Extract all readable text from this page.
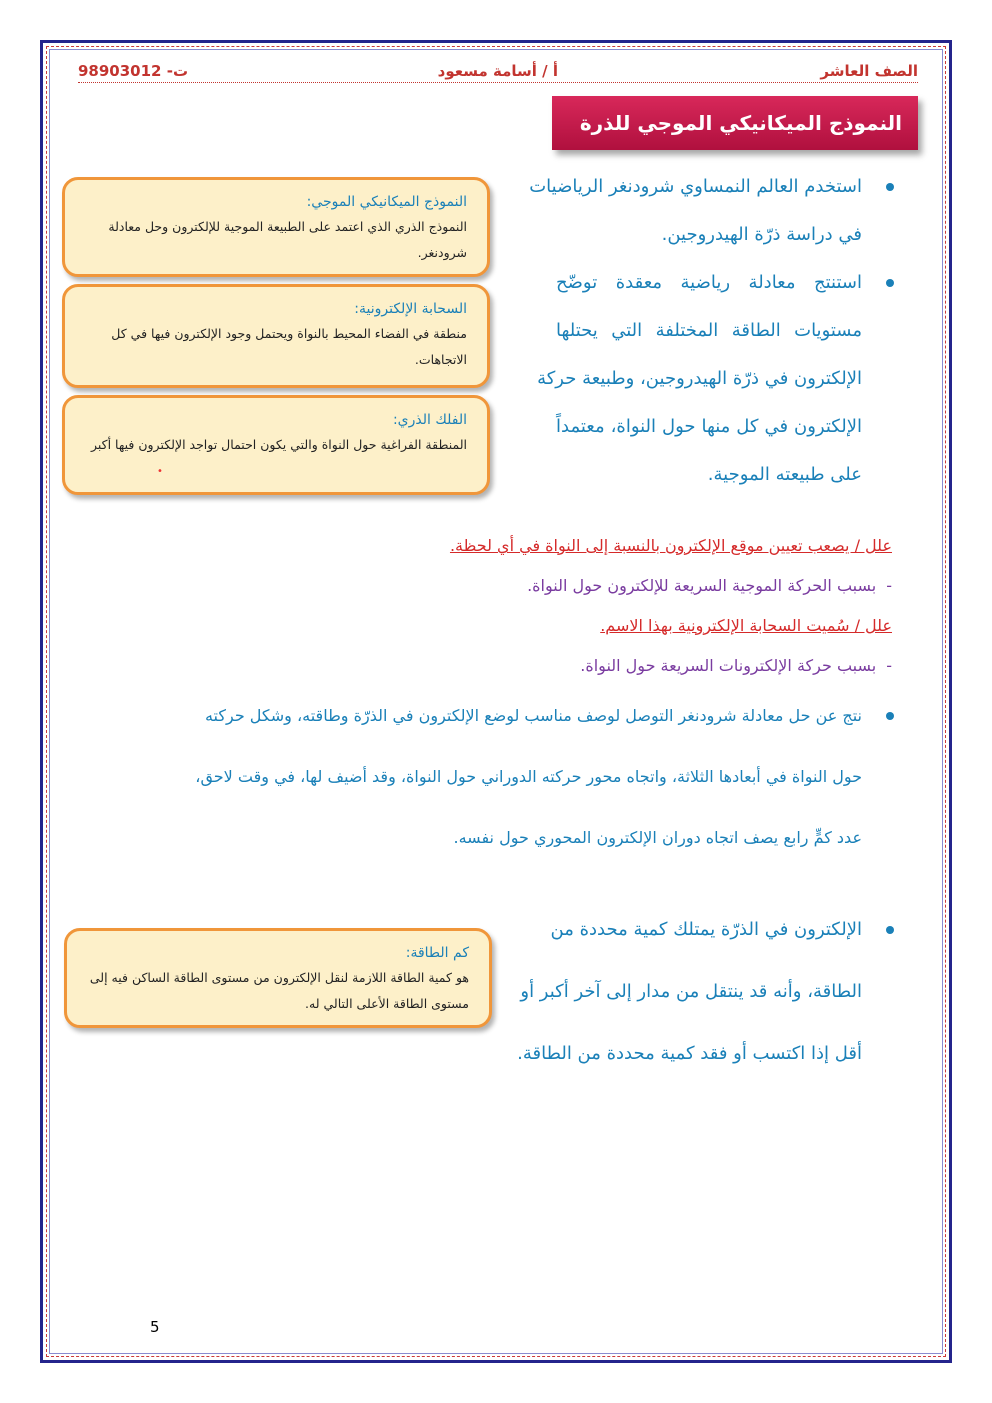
الصف العاشر
أ / أسامة مسعود
ت- 98903012
النموذج الميكانيكي الموجي للذرة
استخدم العالم النمساوي شرودنغر الرياضيات
في دراسة ذرّة الهيدروجين.
استنتج معادلة رياضية معقدة توضّح
مستويات الطاقة المختلفة التي يحتلها
الإلكترون في ذرّة الهيدروجين، وطبيعة حركة
الإلكترون في كل منها حول النواة، معتمداً
على طبيعته الموجية.
النموذج الميكانيكي الموجي:
النموذج الذري الذي اعتمد على الطبيعة الموجية للإلكترون وحل معادلة شرودنغر.
السحابة الإلكترونية:
منطقة في الفضاء المحيط بالنواة ويحتمل وجود الإلكترون فيها في كل الاتجاهات.
الفلك الذري:
المنطقة الفراغية حول النواة والتي يكون احتمال تواجد الإلكترون فيها أكبر
•
علل / يصعب تعيين موقع الإلكترون بالنسبة إلى النواة في أي لحظة.
-بسبب الحركة الموجية السريعة للإلكترون حول النواة.
علل / سُميت السحابة الإلكترونية بهذا الاسم.
-بسبب حركة الإلكترونات السريعة حول النواة.
نتج عن حل معادلة شرودنغر التوصل لوصف مناسب لوضع الإلكترون في الذرّة وطاقته، وشكل حركته
حول النواة في أبعادها الثلاثة، واتجاه محور حركته الدوراني حول النواة، وقد أضيف لها، في وقت لاحق،
عدد كمٍّ رابع يصف اتجاه دوران الإلكترون المحوري حول نفسه.
الإلكترون في الذرّة يمتلك كمية محددة من
الطاقة، وأنه قد ينتقل من مدار إلى آخر أكبر أو
أقل إذا اكتسب أو فقد كمية محددة من الطاقة.
كم الطاقة:
هو كمية الطاقة اللازمة لنقل الإلكترون من مستوى الطاقة الساكن فيه إلى مستوى الطاقة الأعلى التالي له.
5
